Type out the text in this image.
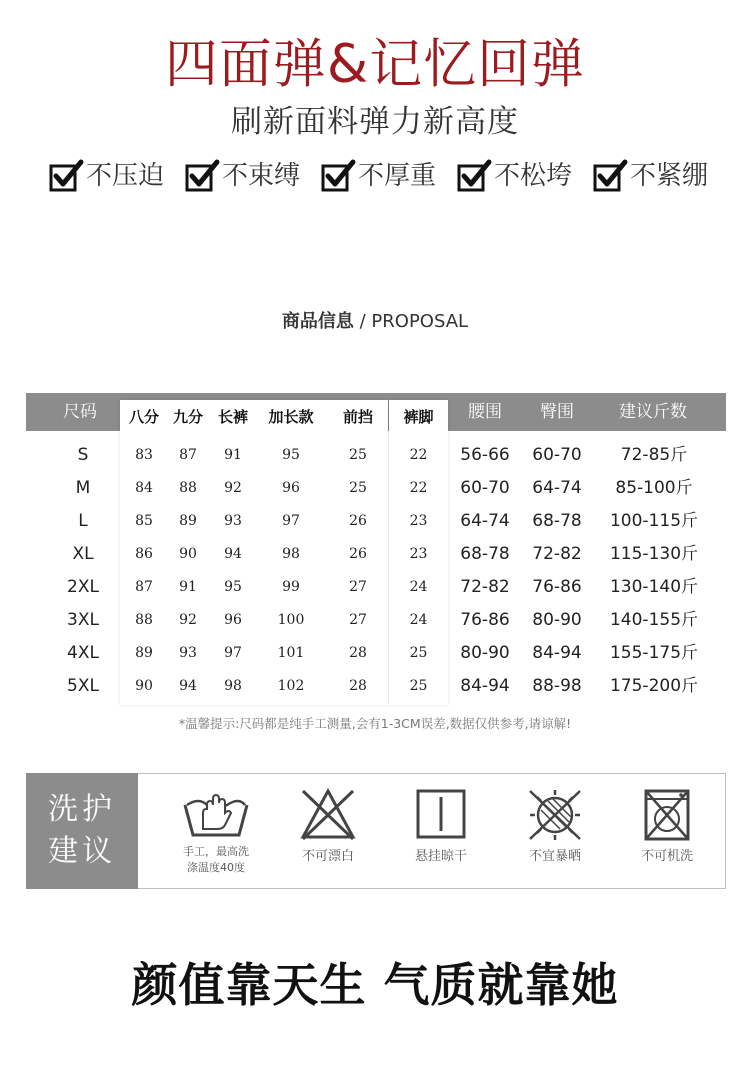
四面弹&记忆回弹
刷新面料弹力新高度
不压迫 不束缚 不厚重 不松垮 不紧绷
商品信息 / PROPOSAL
尺码	八分 九分 长裤	加长款	前挡	裤脚	腰围	臀围	建议斤数
S	83	87	91	95	25	22	56-66	60-70	72-85斤
M	84	88	92	96	25	22	60-70	64-74	85-100斤
L	85	89	93	97	26	23	64-74	68-78	100-115斤
XL	86	90	94	98	26	23	68-78	72-82	115-130斤
2XL	87	91	95	99	27	24	72-82	76-86	130-140斤
3XL	88	92	96	100	27	24	76-86	80-90	140-155斤
4XL	89	93	97	101	28	25	80-90	84-94	155-175斤
5XL	90	94	98	102	28	25	84-94	88-98	175-200斤
*温馨提示:尺码都是纯手工测量,会有1-3CM误差,数据仅供参考,请谅解!
洗护
建议	手工，最高洗
涤温度40度
不可漂白	悬挂晾干	不宜暴晒	不可机洗
颜值靠天生 气质就靠她
